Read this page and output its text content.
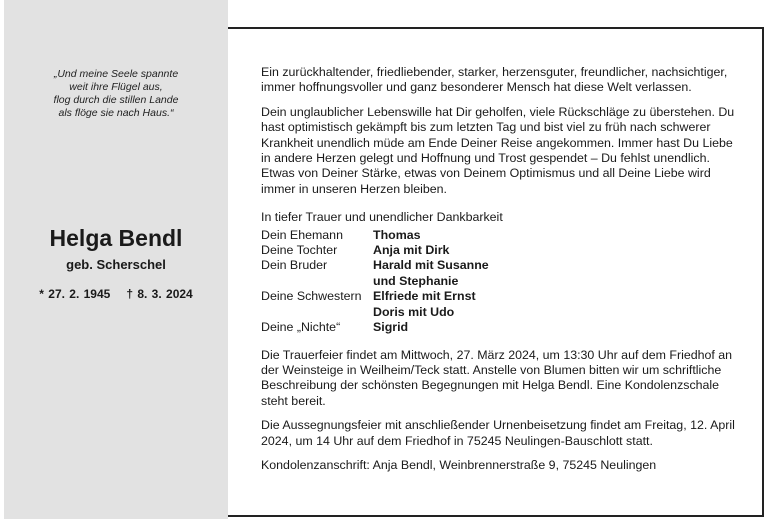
„Und meine Seele spannte
weit ihre Flügel aus,
flog durch die stillen Lande
als flöge sie nach Haus.“
Helga Bendl
geb. Scherschel
* 27. 2. 1945 † 8. 3. 2024

Ein zurückhaltender, friedliebender, starker, herzensguter, freundlicher, nachsichtiger, immer hoffnungsvoller und ganz besonderer Mensch hat diese Welt verlassen.

Dein unglaublicher Lebenswille hat Dir geholfen, viele Rückschläge zu überstehen. Du hast optimistisch gekämpft bis zum letzten Tag und bist viel zu früh nach schwerer Krankheit unendlich müde am Ende Deiner Reise angekommen. Immer hast Du Liebe in andere Herzen gelegt und Hoffnung und Trost gespendet – Du fehlst unendlich. Etwas von Deiner Stärke, etwas von Deinem Optimismus und all Deine Liebe wird immer in unseren Herzen bleiben.

In tiefer Trauer und unendlicher Dankbarkeit

Dein Ehemann	Thomas
Deine Tochter	Anja mit Dirk
Dein Bruder	Harald mit Susanne
	und Stephanie
Deine Schwestern	Elfriede mit Ernst
	Doris mit Udo
Deine „Nichte“	Sigrid

Die Trauerfeier findet am Mittwoch, 27. März 2024, um 13:30 Uhr auf dem Friedhof an der Weinsteige in Weilheim/Teck statt. Anstelle von Blumen bitten wir um schriftliche Beschreibung der schönsten Begegnungen mit Helga Bendl. Eine Kondolenzschale steht bereit.

Die Aussegnungsfeier mit anschließender Urnenbeisetzung findet am Freitag, 12. April 2024, um 14 Uhr auf dem Friedhof in 75245 Neulingen-Bauschlott statt.

Kondolenzanschrift: Anja Bendl, Weinbrennerstraße 9, 75245 Neulingen
